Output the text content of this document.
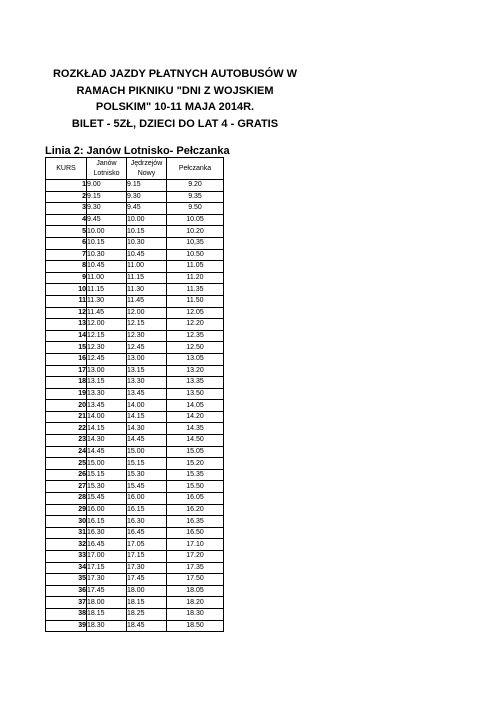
ROZKŁAD JAZDY PŁATNYCH AUTOBUSÓW W
RAMACH PIKNIKU "DNI Z WOJSKIEM
POLSKIM" 10-11 MAJA 2014R.
BILET - 5ZŁ, DZIECI DO LAT 4 - GRATIS
Linia 2: Janów Lotnisko- Pełczanka
KURS	Janów Lotnisko	Jędrzejów Nowy	Pełczanka
1	9.00	9.15	9.20
2	9.15	9.30	9.35
3	9.30	9.45	9.50
4	9.45	10.00	10.05
5	10.00	10.15	10.20
6	10.15	10.30	10,35
7	10.30	10.45	10.50
8	10.45	11.00	11.05
9	11.00	11.15	11.20
10	11.15	11.30	11.35
11	11.30	11.45	11.50
12	11.45	12.00	12.05
13	12.00	12.15	12.20
14	12.15	12.30	12.35
15	12.30	12.45	12.50
16	12.45	13.00	13.05
17	13.00	13.15	13.20
18	13.15	13.30	13.35
19	13.30	13.45	13.50
20	13.45	14.00	14.05
21	14.00	14.15	14.20
22	14.15	14.30	14.35
23	14.30	14.45	14.50
24	14.45	15.00	15.05
25	15.00	15.15	15.20
26	15.15	15.30	15.35
27	15.30	15.45	15.50
28	15.45	16.00	16.05
29	16.00	16.15	16.20
30	16.15	16.30	16.35
31	16.30	16.45	16.50
32	16.45	17.05	17.10
33	17.00	17.15	17.20
34	17.15	17.30	17.35
35	17.30	17.45	17.50
36	17.45	18.00	18.05
37	18.00	18.15	18.20
38	18.15	18.25	18.30
39	18.30	18.45	18.50
